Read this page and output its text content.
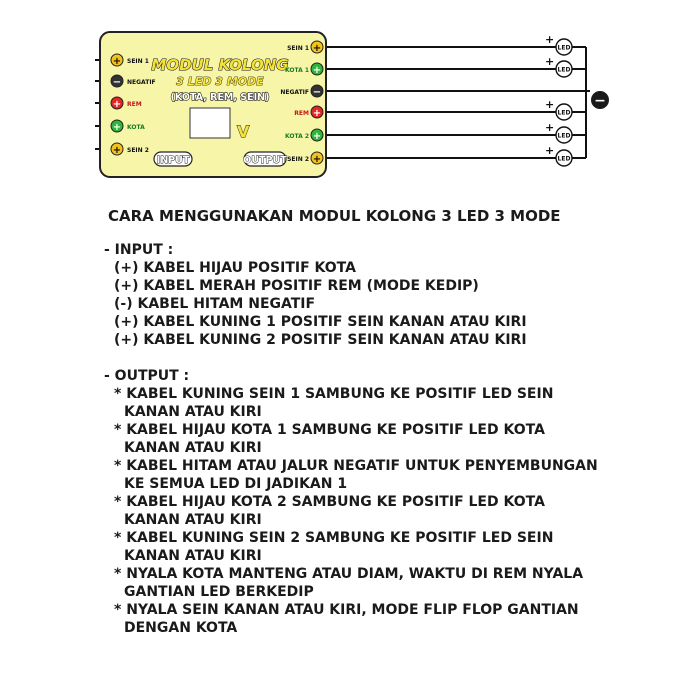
MODUL KOLONG
3 LED 3 MODE
(KOTA, REM, SEIN)
V
INPUT	OUTPUT
+ SEIN 1
− NEGATIF
+ REM
+ KOTA
+ SEIN 2
SEIN 1 +
KOTA 1 +
NEGATIF −
REM +
KOTA 2 +
SEIN 2 +
+
LED
+
LED
+
LED
+
LED
+
LED
−
CARA MENGGUNAKAN MODUL KOLONG 3 LED 3 MODE
- INPUT :
(+) KABEL HIJAU POSITIF KOTA
(+) KABEL MERAH POSITIF REM (MODE KEDIP)
(-) KABEL HITAM NEGATIF
(+) KABEL KUNING 1 POSITIF SEIN KANAN ATAU KIRI
(+) KABEL KUNING 2 POSITIF SEIN KANAN ATAU KIRI
- OUTPUT :
* KABEL KUNING SEIN 1 SAMBUNG KE POSITIF LED SEIN
KANAN ATAU KIRI
* KABEL HIJAU KOTA 1 SAMBUNG KE POSITIF LED KOTA
KANAN ATAU KIRI
* KABEL HITAM ATAU JALUR NEGATIF UNTUK PENYEMBUNGAN
KE SEMUA LED DI JADIKAN 1
* KABEL HIJAU KOTA 2 SAMBUNG KE POSITIF LED KOTA
KANAN ATAU KIRI
* KABEL KUNING SEIN 2 SAMBUNG KE POSITIF LED SEIN
KANAN ATAU KIRI
* NYALA KOTA MANTENG ATAU DIAM, WAKTU DI REM NYALA
GANTIAN LED BERKEDIP
* NYALA SEIN KANAN ATAU KIRI, MODE FLIP FLOP GANTIAN
DENGAN KOTA
